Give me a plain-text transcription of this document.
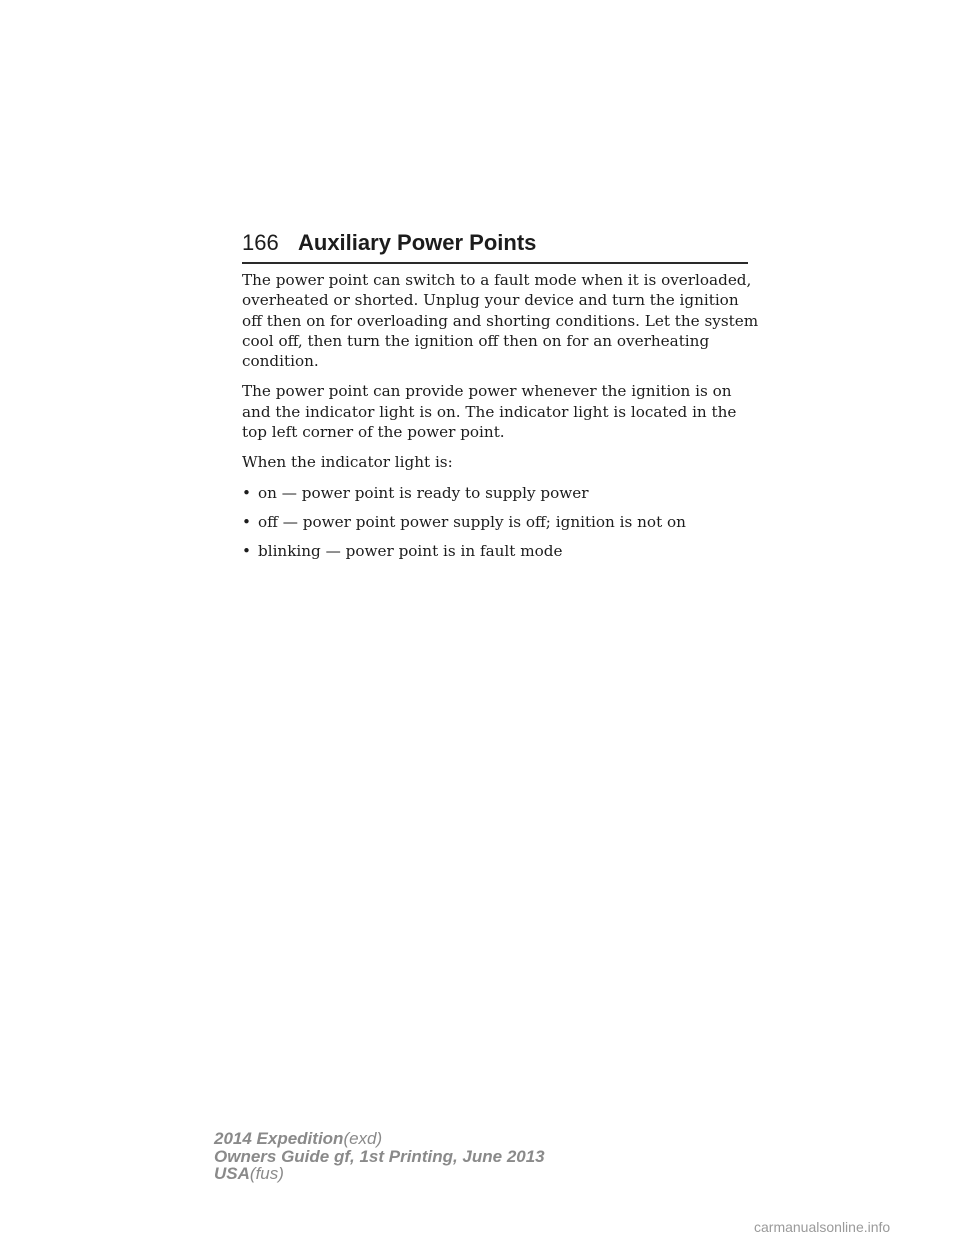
166 Auxiliary Power Points

The power point can switch to a fault mode when it is overloaded, overheated or shorted. Unplug your device and turn the ignition off then on for overloading and shorting conditions. Let the system cool off, then turn the ignition off then on for an overheating condition.

The power point can provide power whenever the ignition is on and the indicator light is on. The indicator light is located in the top left corner of the power point.

When the indicator light is:

• on — power point is ready to supply power
• off — power point power supply is off; ignition is not on
• blinking — power point is in fault mode
2014 Expedition(exd)
Owners Guide gf, 1st Printing, June 2013
USA(fus)
carmanualsonline.info
